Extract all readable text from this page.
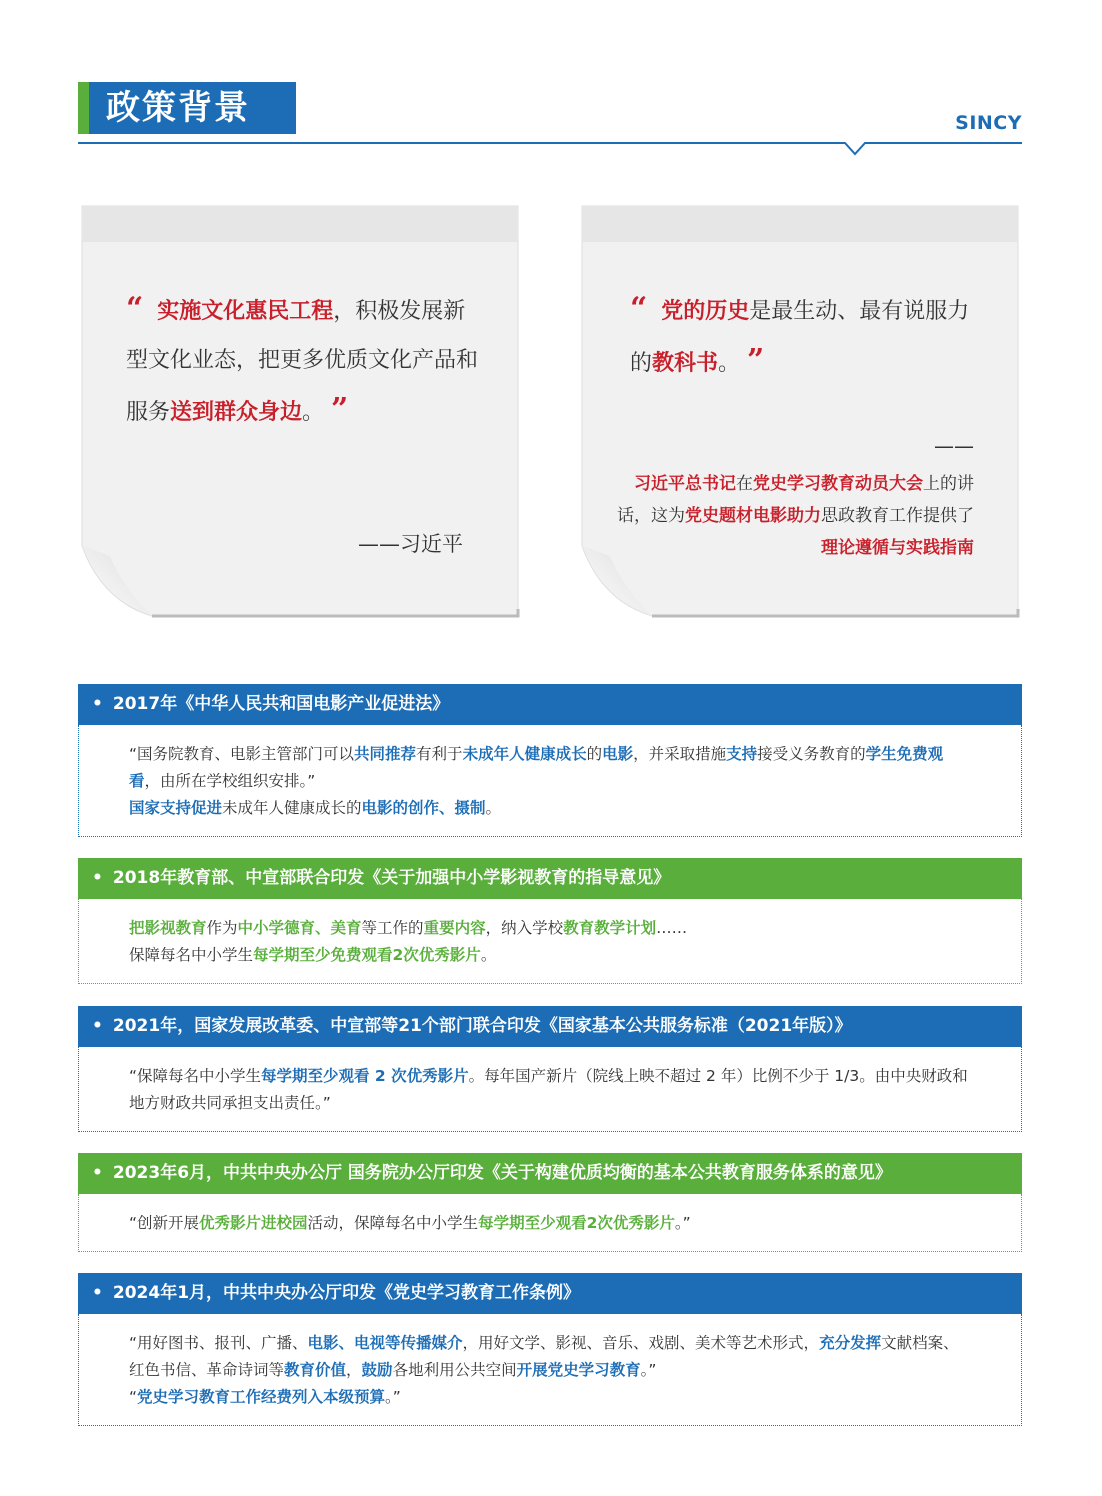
政策背景	SINCY
“ 实施文化惠民工程，积极发展新型文化业态，把更多优质文化产品和服务送到群众身边。 ”
——习近平
“ 党的历史是最生动、最有说服力的教科书。 ”
——
习近平总书记在党史学习教育动员大会上的讲话，这为党史题材电影助力思政教育工作提供了理论遵循与实践指南
• 2017年《中华人民共和国电影产业促进法》
“国务院教育、电影主管部门可以共同推荐有利于未成年人健康成长的电影，并采取措施支持接受义务教育的学生免费观看，由所在学校组织安排。”
国家支持促进未成年人健康成长的电影的创作、摄制。
• 2018年教育部、中宣部联合印发《关于加强中小学影视教育的指导意见》
把影视教育作为中小学德育、美育等工作的重要内容，纳入学校教育教学计划……
保障每名中小学生每学期至少免费观看2次优秀影片。
• 2021年，国家发展改革委、中宣部等21个部门联合印发《国家基本公共服务标准（2021年版）》
“保障每名中小学生每学期至少观看 2 次优秀影片。每年国产新片（院线上映不超过 2 年）比例不少于 1/3。由中央财政和地方财政共同承担支出责任。”
• 2023年6月，中共中央办公厅 国务院办公厅印发《关于构建优质均衡的基本公共教育服务体系的意见》
“创新开展优秀影片进校园活动，保障每名中小学生每学期至少观看2次优秀影片。”
• 2024年1月，中共中央办公厅印发《党史学习教育工作条例》
“用好图书、报刊、广播、电影、电视等传播媒介，用好文学、影视、音乐、戏剧、美术等艺术形式，充分发挥文献档案、红色书信、革命诗词等教育价值，鼓励各地利用公共空间开展党史学习教育。”
“党史学习教育工作经费列入本级预算。”
